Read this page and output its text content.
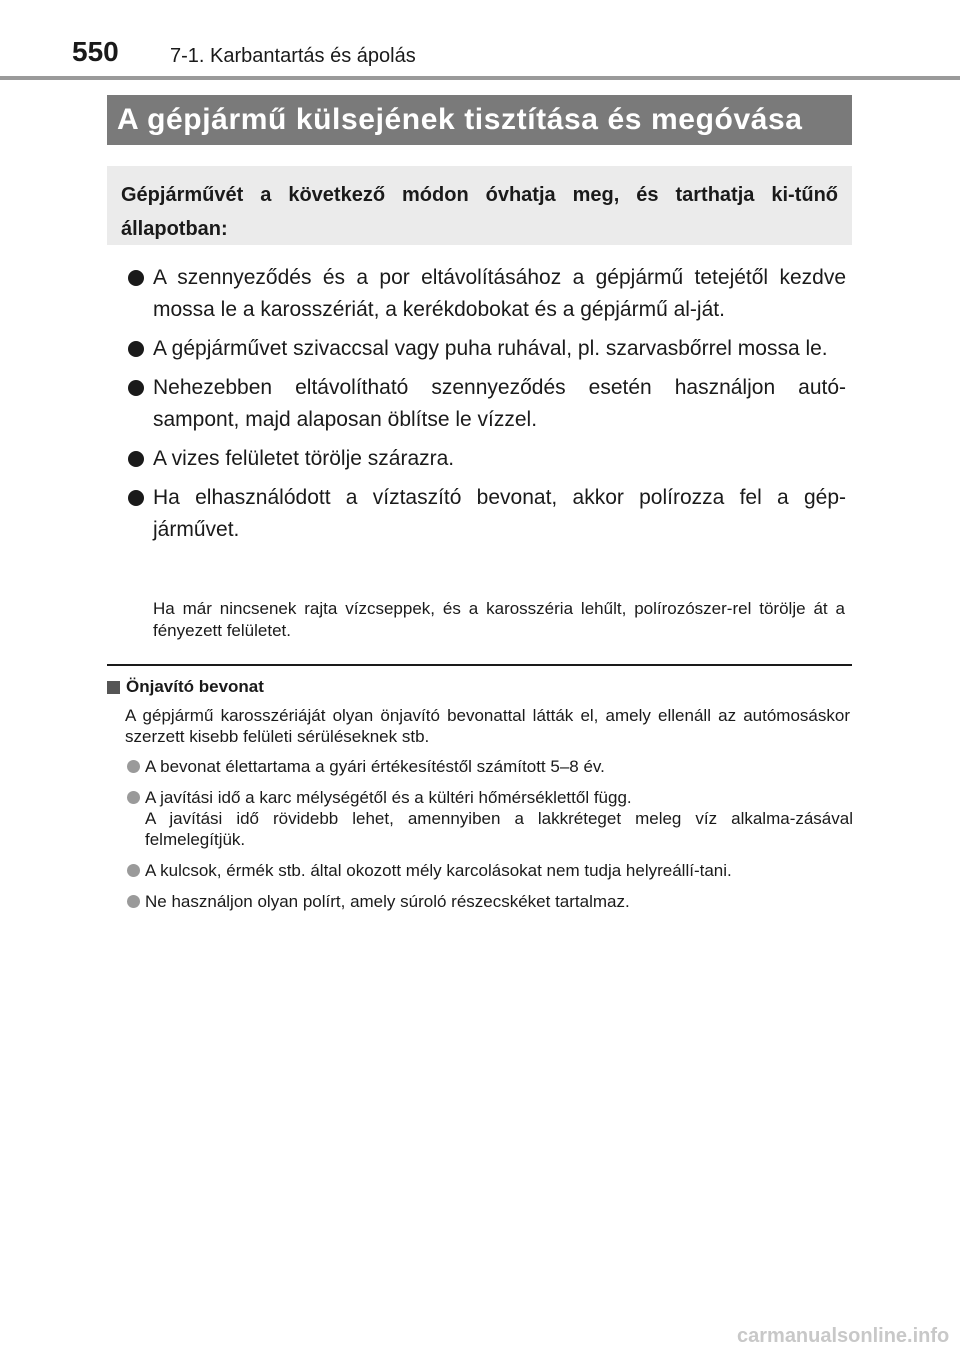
550	7-1. Karbantartás és ápolás
A gépjármű külsejének tisztítása és megóvása

Gépjárművét a következő módon óvhatja meg, és tarthatja ki-tűnő állapotban:

A szennyeződés és a por eltávolításához a gépjármű tetejétől kezdve mossa le a karosszériát, a kerékdobokat és a gépjármű al-ját.
A gépjárművet szivaccsal vagy puha ruhával, pl. szarvasbőrrel mossa le.
Nehezebben eltávolítható szennyeződés esetén használjon autó-sampont, majd alaposan öblítse le vízzel.
A vizes felületet törölje szárazra.
Ha elhasználódott a víztaszító bevonat, akkor polírozza fel a gép-járművet.

Ha már nincsenek rajta vízcseppek, és a karosszéria lehűlt, polírozószer-rel törölje át a fényezett felületet.

Önjavító bevonat

A gépjármű karosszériáját olyan önjavító bevonattal látták el, amely ellenáll az autómosáskor szerzett kisebb felületi sérüléseknek stb.

A bevonat élettartama a gyári értékesítéstől számított 5–8 év.
A javítási idő a karc mélységétől és a kültéri hőmérséklettől függ.
A javítási idő rövidebb lehet, amennyiben a lakkréteget meleg víz alkalma-zásával felmelegítjük.
A kulcsok, érmék stb. által okozott mély karcolásokat nem tudja helyreállí-tani.
Ne használjon olyan polírt, amely súroló részecskéket tartalmaz.
carmanualsonline.info
